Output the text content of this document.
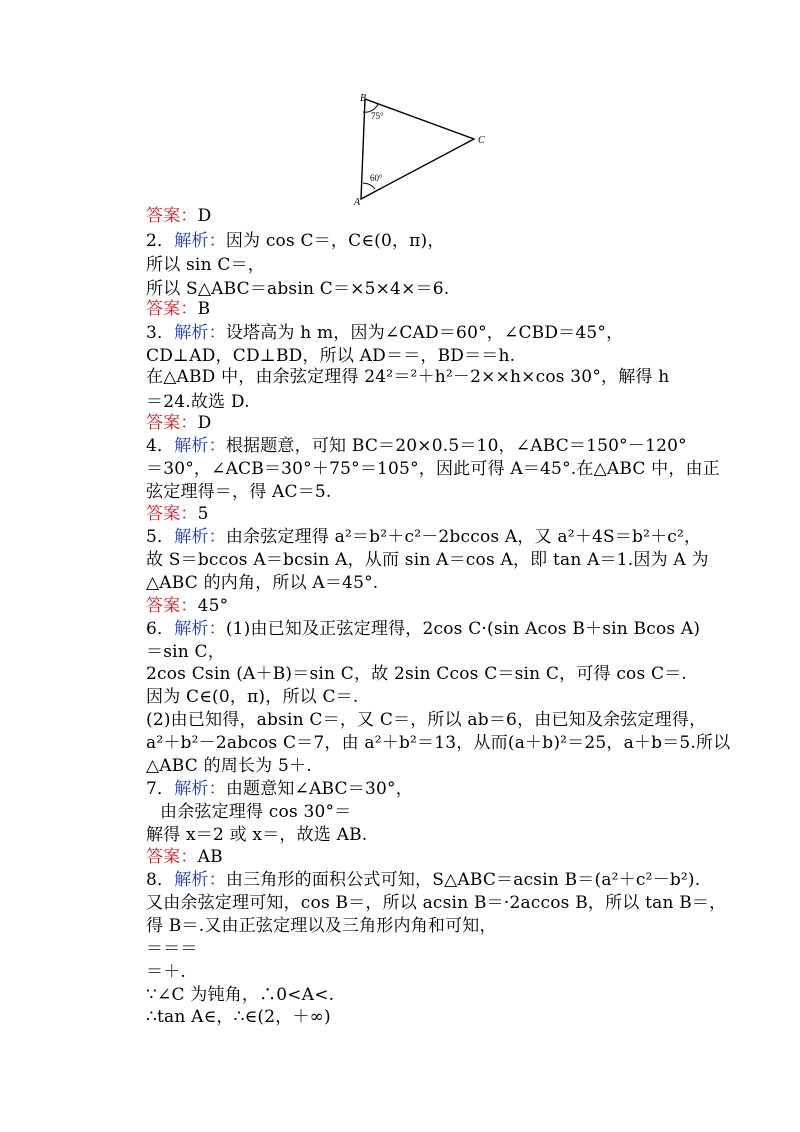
B
C
A
75°
60°
答案：D
2．解析：因为 cos C＝，C∈(0，π)，
所以 sin C＝，
所以 S△ABC＝absin C＝×5×4×＝6.
答案：B
3．解析：设塔高为 h m，因为∠CAD＝60°，∠CBD＝45°，
CD⊥AD，CD⊥BD，所以 AD＝＝，BD＝＝h.
在△ABD 中，由余弦定理得 24²＝²＋h²－2××h×cos 30°，解得 h
＝24.故选 D.
答案：D
4．解析：根据题意，可知 BC＝20×0.5＝10，∠ABC＝150°－120°
＝30°，∠ACB＝30°＋75°＝105°，因此可得 A＝45°.在△ABC 中，由正
弦定理得＝，得 AC＝5.
答案：5
5．解析：由余弦定理得 a²＝b²＋c²－2bccos A，又 a²＋4S＝b²＋c²，
故 S＝bccos A＝bcsin A，从而 sin A＝cos A，即 tan A＝1.因为 A 为
△ABC 的内角，所以 A＝45°.
答案：45°
6．解析：(1)由已知及正弦定理得，2cos C·(sin Acos B＋sin Bcos A)
＝sin C，
2cos Csin (A＋B)＝sin C，故 2sin Ccos C＝sin C，可得 cos C＝.
因为 C∈(0，π)，所以 C＝.
(2)由已知得，absin C＝，又 C＝，所以 ab＝6，由已知及余弦定理得，
a²＋b²－2abcos C＝7，由 a²＋b²＝13，从而(a＋b)²＝25，a＋b＝5.所以
△ABC 的周长为 5＋.
7．解析：由题意知∠ABC＝30°，
由余弦定理得 cos 30°＝
解得 x＝2 或 x＝，故选 AB.
答案：AB
8．解析：由三角形的面积公式可知，S△ABC＝acsin B＝(a²＋c²－b²).
又由余弦定理可知，cos B＝，所以 acsin B＝·2accos B，所以 tan B＝，
得 B＝.又由正弦定理以及三角形内角和可知，
＝＝＝
＝＋.
∵∠C 为钝角，∴0<A<.
∴tan A∈，∴∈(2，＋∞)
